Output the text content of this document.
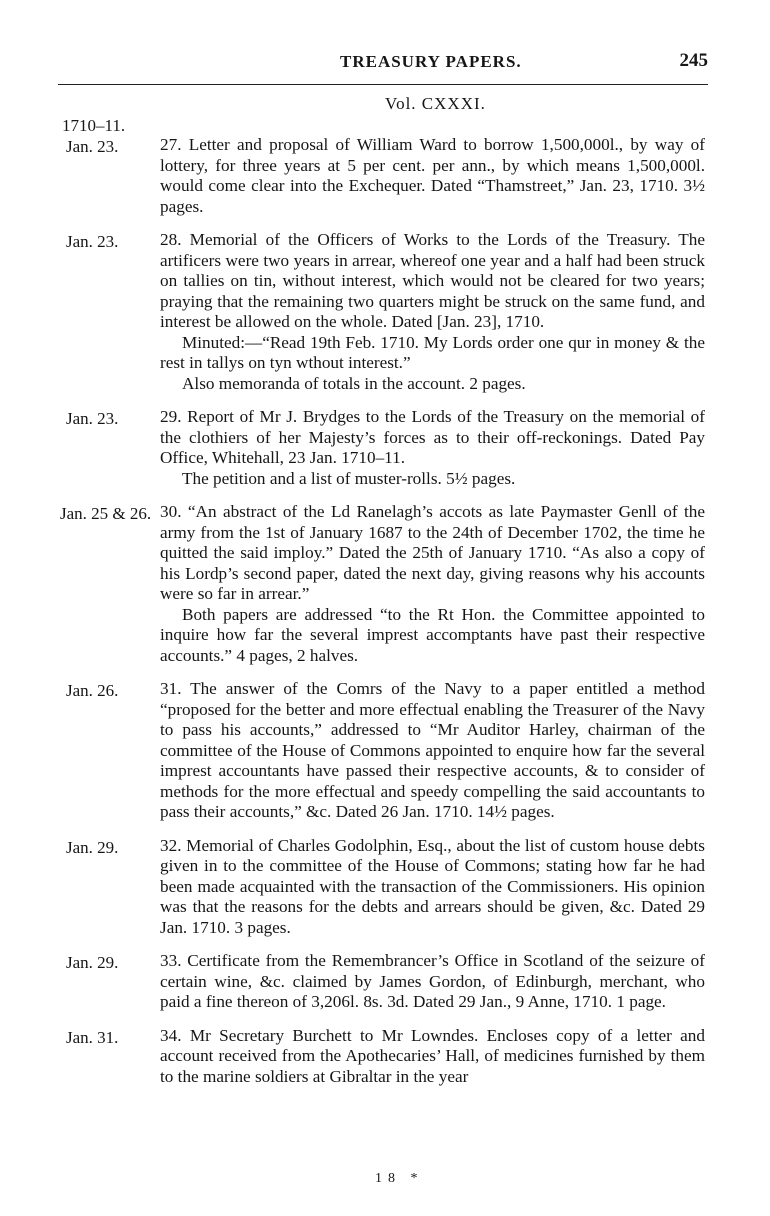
TREASURY PAPERS.	245
Vol. CXXXI.
1710–11.
Jan. 23. 27. Letter and proposal of William Ward to borrow 1,500,000l., by way of lottery, for three years at 5 per cent. per ann., by which means 1,500,000l. would come clear into the Exchequer. Dated “Thamstreet,” Jan. 23, 1710. 3½ pages.

Jan. 23. 28. Memorial of the Officers of Works to the Lords of the Treasury. The artificers were two years in arrear, whereof one year and a half had been struck on tallies on tin, without interest, which would not be cleared for two years; praying that the remaining two quarters might be struck on the same fund, and interest be allowed on the whole. Dated [Jan. 23], 1710.

Minuted:—“Read 19th Feb. 1710. My Lords order one qur in money & the rest in tallys on tyn wthout interest.”

Also memoranda of totals in the account. 2 pages.

Jan. 23. 29. Report of Mr J. Brydges to the Lords of the Treasury on the memorial of the clothiers of her Majesty’s forces as to their off-reckonings. Dated Pay Office, Whitehall, 23 Jan. 1710–11.

The petition and a list of muster-rolls. 5½ pages.

Jan. 25 & 26. 30. “An abstract of the Ld Ranelagh’s accots as late Paymaster Genll of the army from the 1st of January 1687 to the 24th of December 1702, the time he quitted the said imploy.” Dated the 25th of January 1710. “As also a copy of his Lordp’s second paper, dated the next day, giving reasons why his accounts were so far in arrear.”

Both papers are addressed “to the Rt Hon. the Committee appointed to inquire how far the several imprest accomptants have past their respective accounts.” 4 pages, 2 halves.

Jan. 26. 31. The answer of the Comrs of the Navy to a paper entitled a method “proposed for the better and more effectual enabling the Treasurer of the Navy to pass his accounts,” addressed to “Mr Auditor Harley, chairman of the committee of the House of Commons appointed to enquire how far the several imprest accountants have passed their respective accounts, & to consider of methods for the more effectual and speedy compelling the said accountants to pass their accounts,” &c. Dated 26 Jan. 1710. 14½ pages.

Jan. 29. 32. Memorial of Charles Godolphin, Esq., about the list of custom house debts given in to the committee of the House of Commons; stating how far he had been made acquainted with the transaction of the Commissioners. His opinion was that the reasons for the debts and arrears should be given, &c. Dated 29 Jan. 1710. 3 pages.

Jan. 29. 33. Certificate from the Remembrancer’s Office in Scotland of the seizure of certain wine, &c. claimed by James Gordon, of Edinburgh, merchant, who paid a fine thereon of 3,206l. 8s. 3d. Dated 29 Jan., 9 Anne, 1710. 1 page.

Jan. 31. 34. Mr Secretary Burchett to Mr Lowndes. Encloses copy of a letter and account received from the Apothecaries’ Hall, of medicines furnished by them to the marine soldiers at Gibraltar in the year

18 *
